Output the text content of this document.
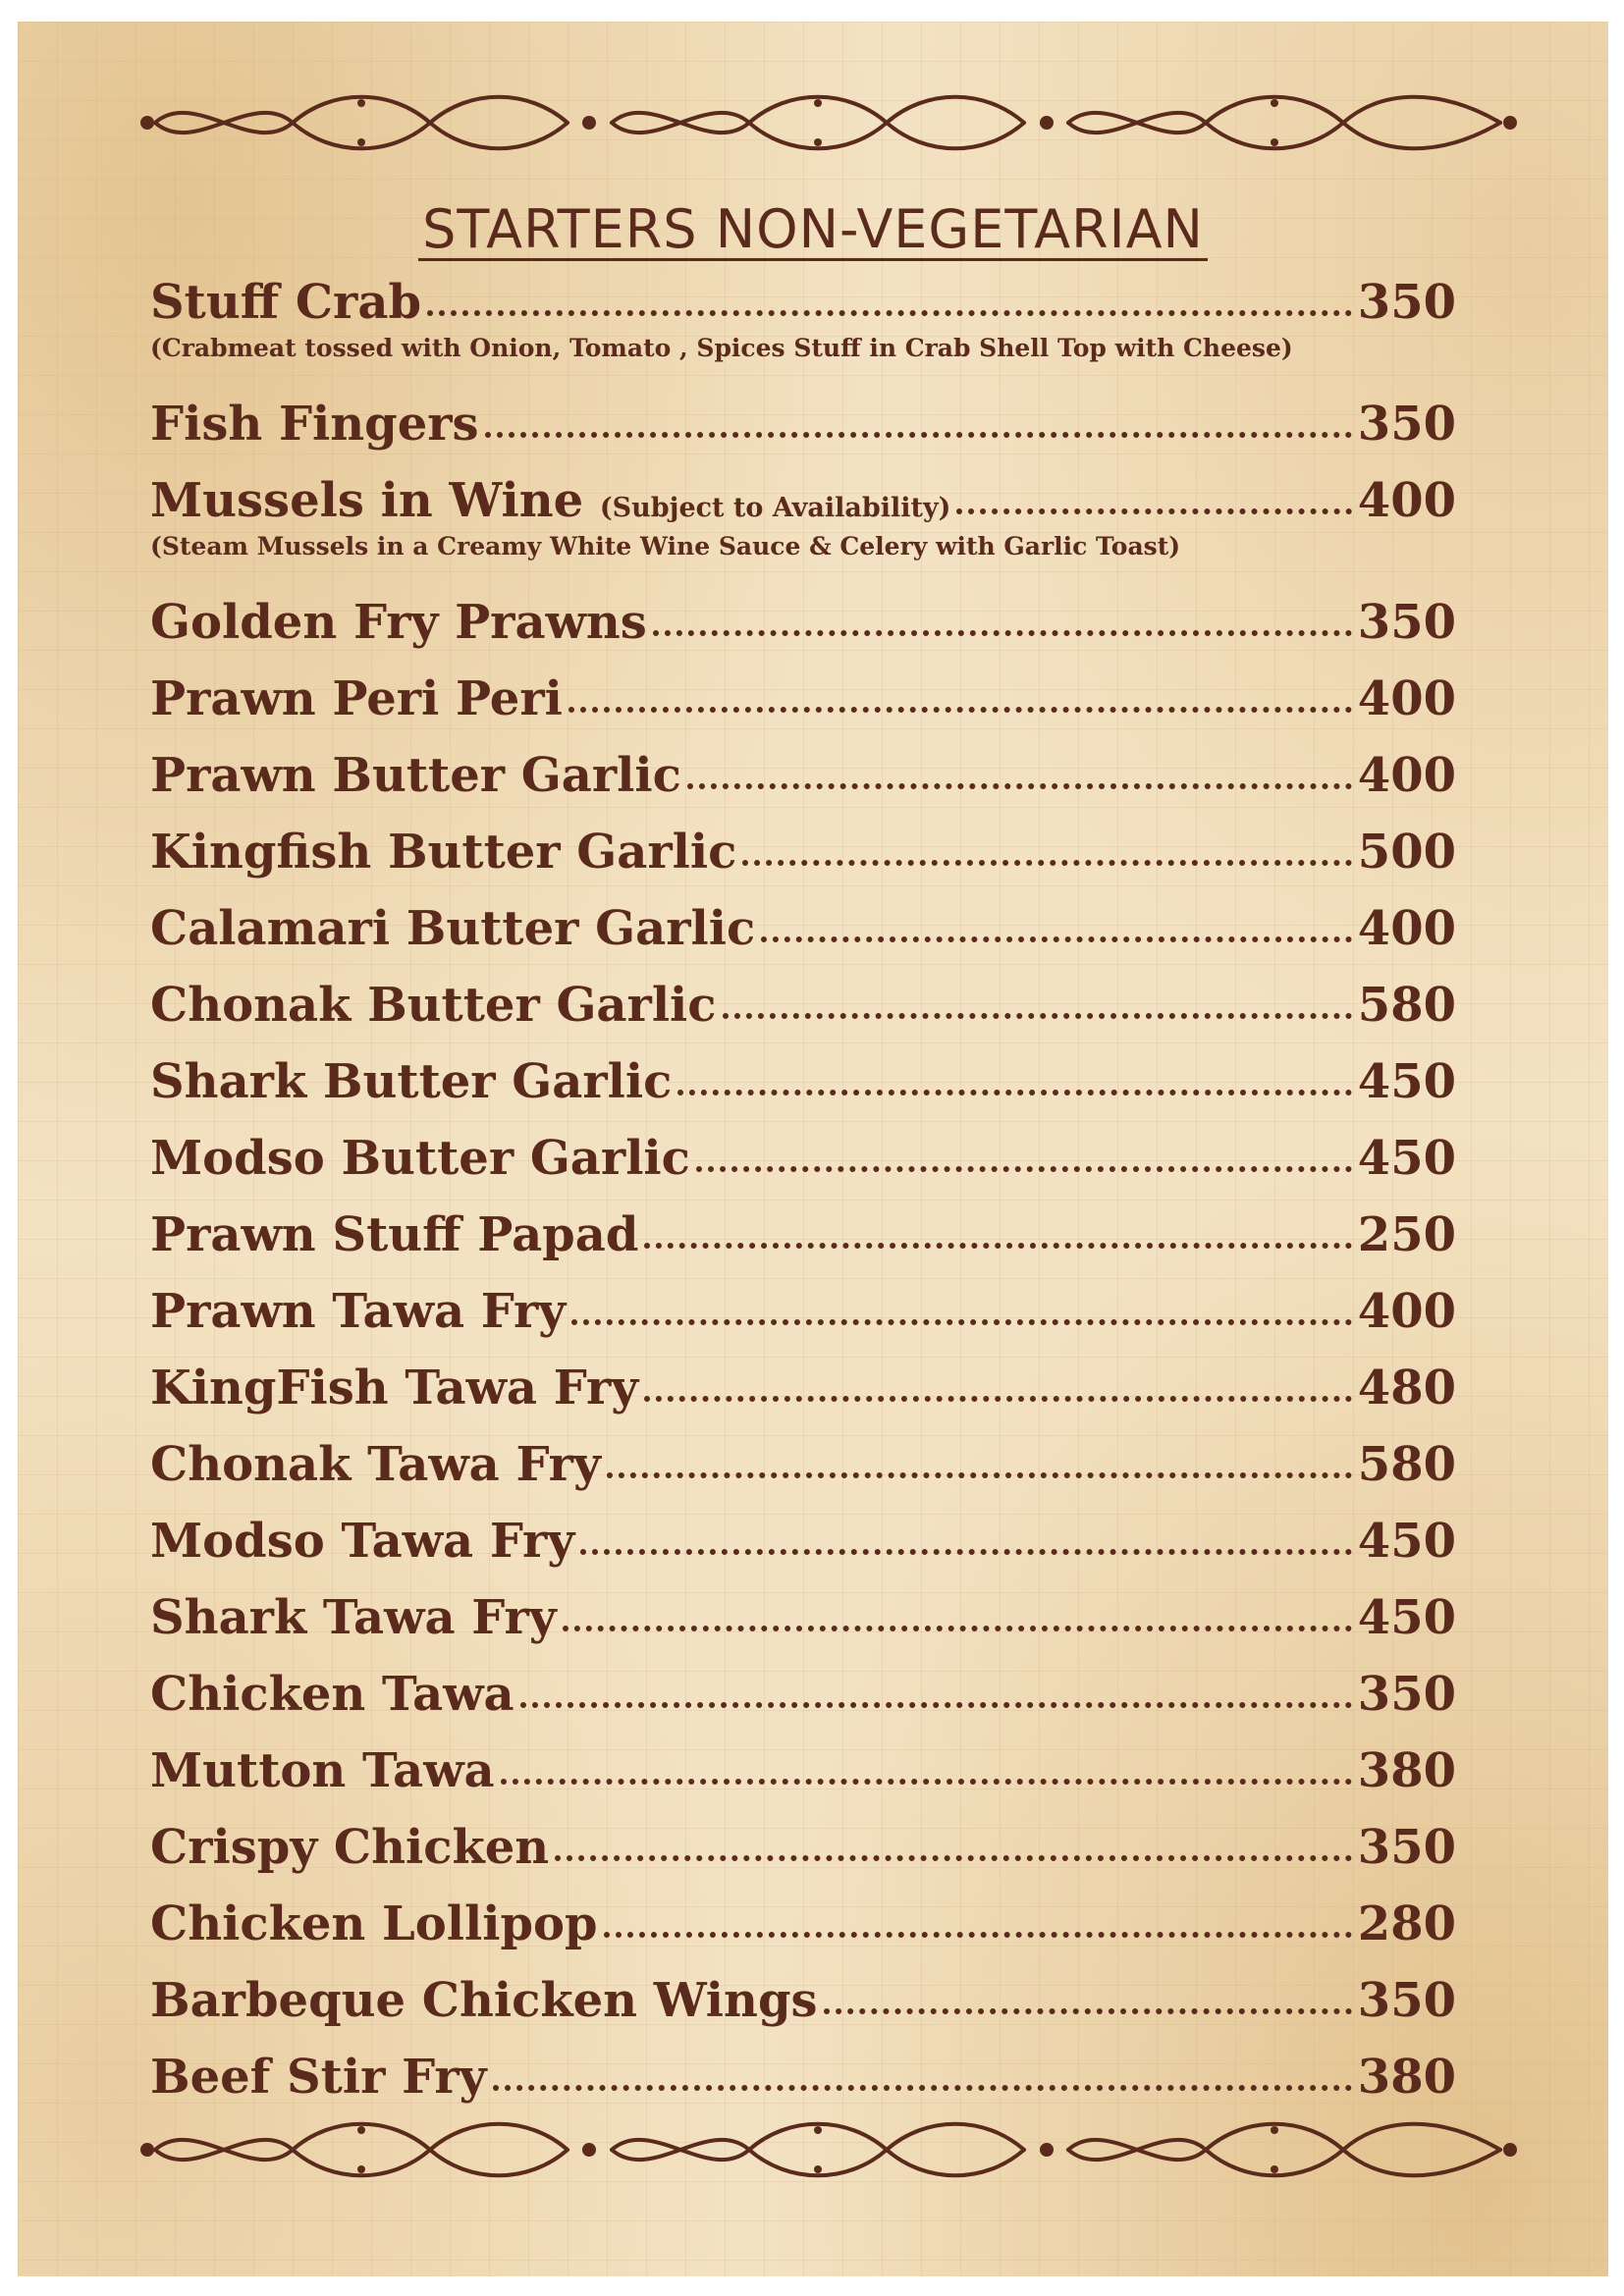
STARTERS NON-VEGETARIAN
Stuff Crab	350
(Crabmeat tossed with Onion, Tomato , Spices Stuff in Crab Shell Top with Cheese)
Fish Fingers	350
Mussels in Wine (Subject to Availability)	400
(Steam Mussels in a Creamy White Wine Sauce & Celery with Garlic Toast)
Golden Fry Prawns	350
Prawn Peri Peri	400
Prawn Butter Garlic	400
Kingfish Butter Garlic	500
Calamari Butter Garlic	400
Chonak Butter Garlic	580
Shark Butter Garlic	450
Modso Butter Garlic	450
Prawn Stuff Papad	250
Prawn Tawa Fry	400
KingFish Tawa Fry	480
Chonak Tawa Fry	580
Modso Tawa Fry	450
Shark Tawa Fry	450
Chicken Tawa	350
Mutton Tawa	380
Crispy Chicken	350
Chicken Lollipop	280
Barbeque Chicken Wings	350
Beef Stir Fry	380
